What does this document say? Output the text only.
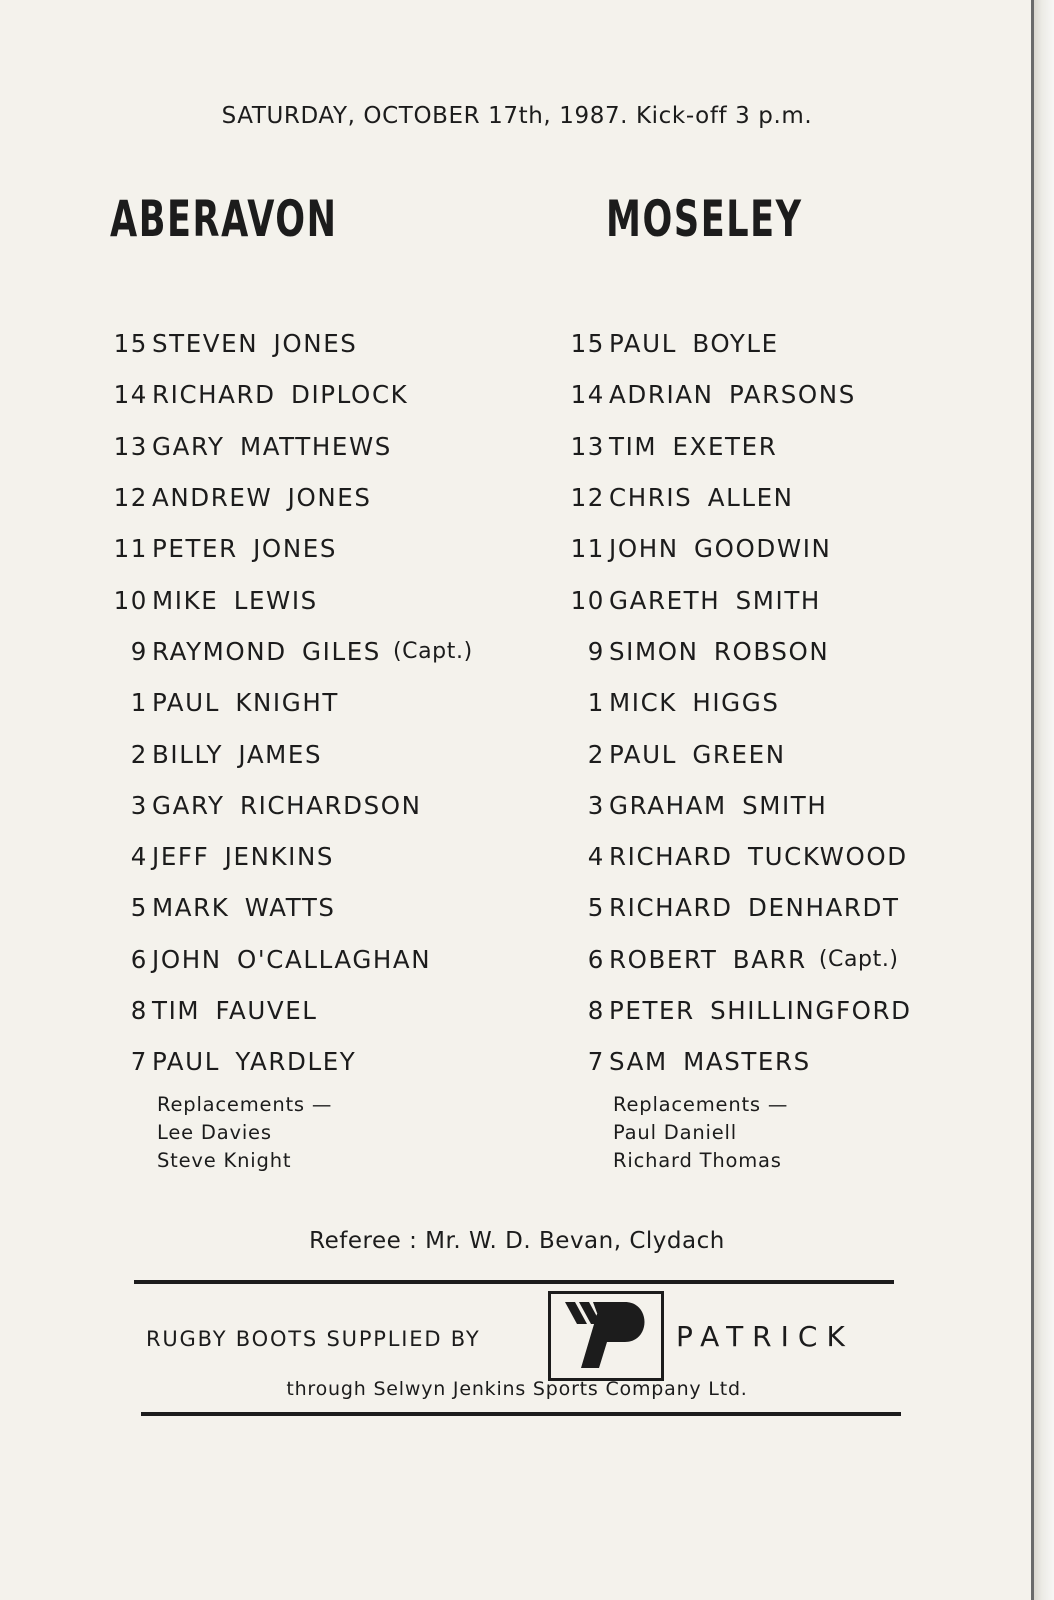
SATURDAY, OCTOBER 17th, 1987. Kick-off 3 p.m.
ABERAVON	MOSELEY
15 STEVEN JONES
14 RICHARD DIPLOCK
13 GARY MATTHEWS
12 ANDREW JONES
11 PETER JONES
10 MIKE LEWIS
9 RAYMOND GILES (Capt.)
1 PAUL KNIGHT
2 BILLY JAMES
3 GARY RICHARDSON
4 JEFF JENKINS
5 MARK WATTS
6 JOHN O'CALLAGHAN
8 TIM FAUVEL
7 PAUL YARDLEY
15 PAUL BOYLE
14 ADRIAN PARSONS
13 TIM EXETER
12 CHRIS ALLEN
11 JOHN GOODWIN
10 GARETH SMITH
9 SIMON ROBSON
1 MICK HIGGS
2 PAUL GREEN
3 GRAHAM SMITH
4 RICHARD TUCKWOOD
5 RICHARD DENHARDT
6 ROBERT BARR (Capt.)
8 PETER SHILLINGFORD
7 SAM MASTERS
Replacements —
Lee Davies
Steve Knight
Replacements —
Paul Daniell
Richard Thomas
Referee : Mr. W. D. Bevan, Clydach
RUGBY BOOTS SUPPLIED BY	PATRICK
through Selwyn Jenkins Sports Company Ltd.
